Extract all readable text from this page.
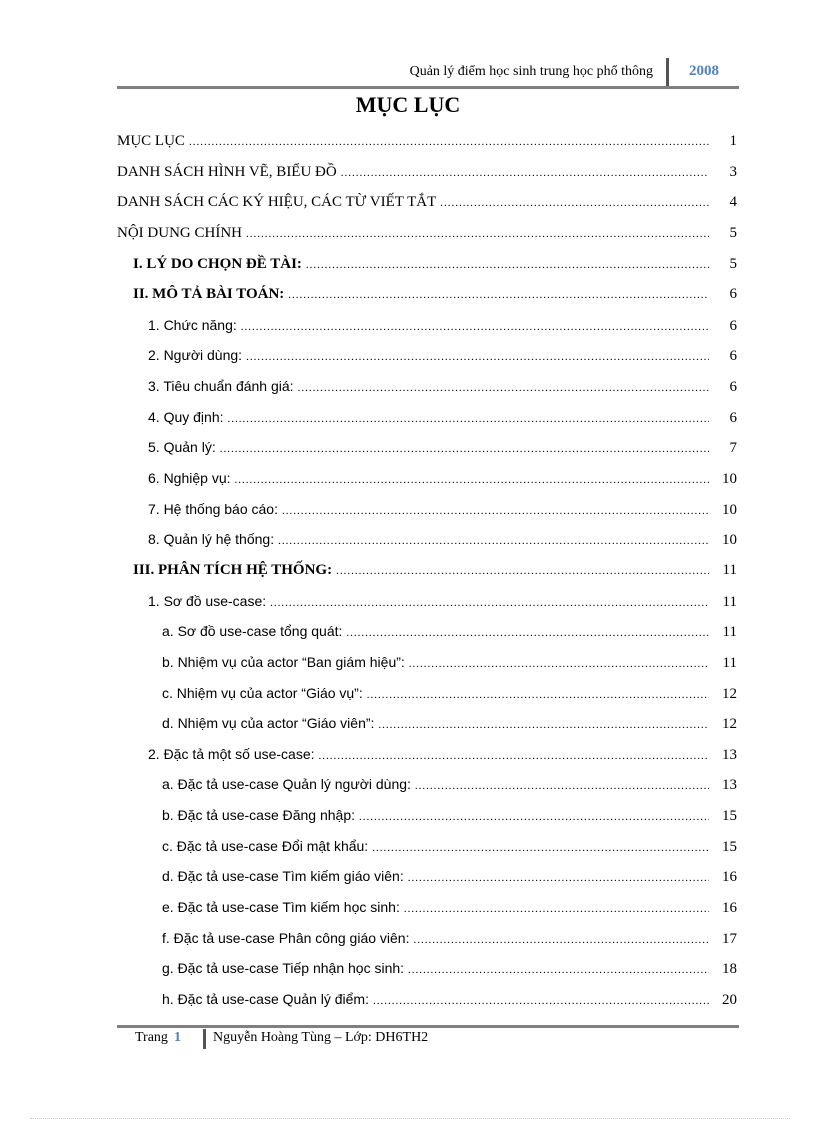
Quản lý điểm học sinh trung học phổ thông 2008
MỤC LỤC
MỤC LỤC .....	1
DANH SÁCH HÌNH VẼ, BIỂU ĐỒ .....	3
DANH SÁCH CÁC KÝ HIỆU, CÁC TỪ VIẾT TẮT .....	4
NỘI DUNG CHÍNH .....	5
I. LÝ DO CHỌN ĐỀ TÀI: .....	5
II. MÔ TẢ BÀI TOÁN: .....	6
1. Chức năng: .....	6
2. Người dùng: .....	6
3. Tiêu chuẩn đánh giá: .....	6
4. Quy định: .....	6
5. Quản lý: .....	7
6. Nghiệp vụ: .....	10
7. Hệ thống báo cáo: .....	10
8. Quản lý hệ thống: .....	10
III. PHÂN TÍCH HỆ THỐNG: .....	11
1. Sơ đồ use-case: .....	11
a. Sơ đồ use-case tổng quát: .....	11
b. Nhiệm vụ của actor “Ban giám hiệu”: .....	11
c. Nhiệm vụ của actor “Giáo vụ”: .....	12
d. Nhiệm vụ của actor “Giáo viên”: .....	12
2. Đặc tả một số use-case: .....	13
a. Đặc tả use-case Quản lý người dùng: .....	13
b. Đặc tả use-case Đăng nhập: .....	15
c. Đặc tả use-case Đổi mật khẩu: .....	15
d. Đặc tả use-case Tìm kiếm giáo viên: .....	16
e. Đặc tả use-case Tìm kiếm học sinh: .....	16
f. Đặc tả use-case Phân công giáo viên: .....	17
g. Đặc tả use-case Tiếp nhận học sinh: .....	18
h. Đặc tả use-case Quản lý điểm: .....	20
Trang 1 Nguyễn Hoàng Tùng – Lớp: DH6TH2
